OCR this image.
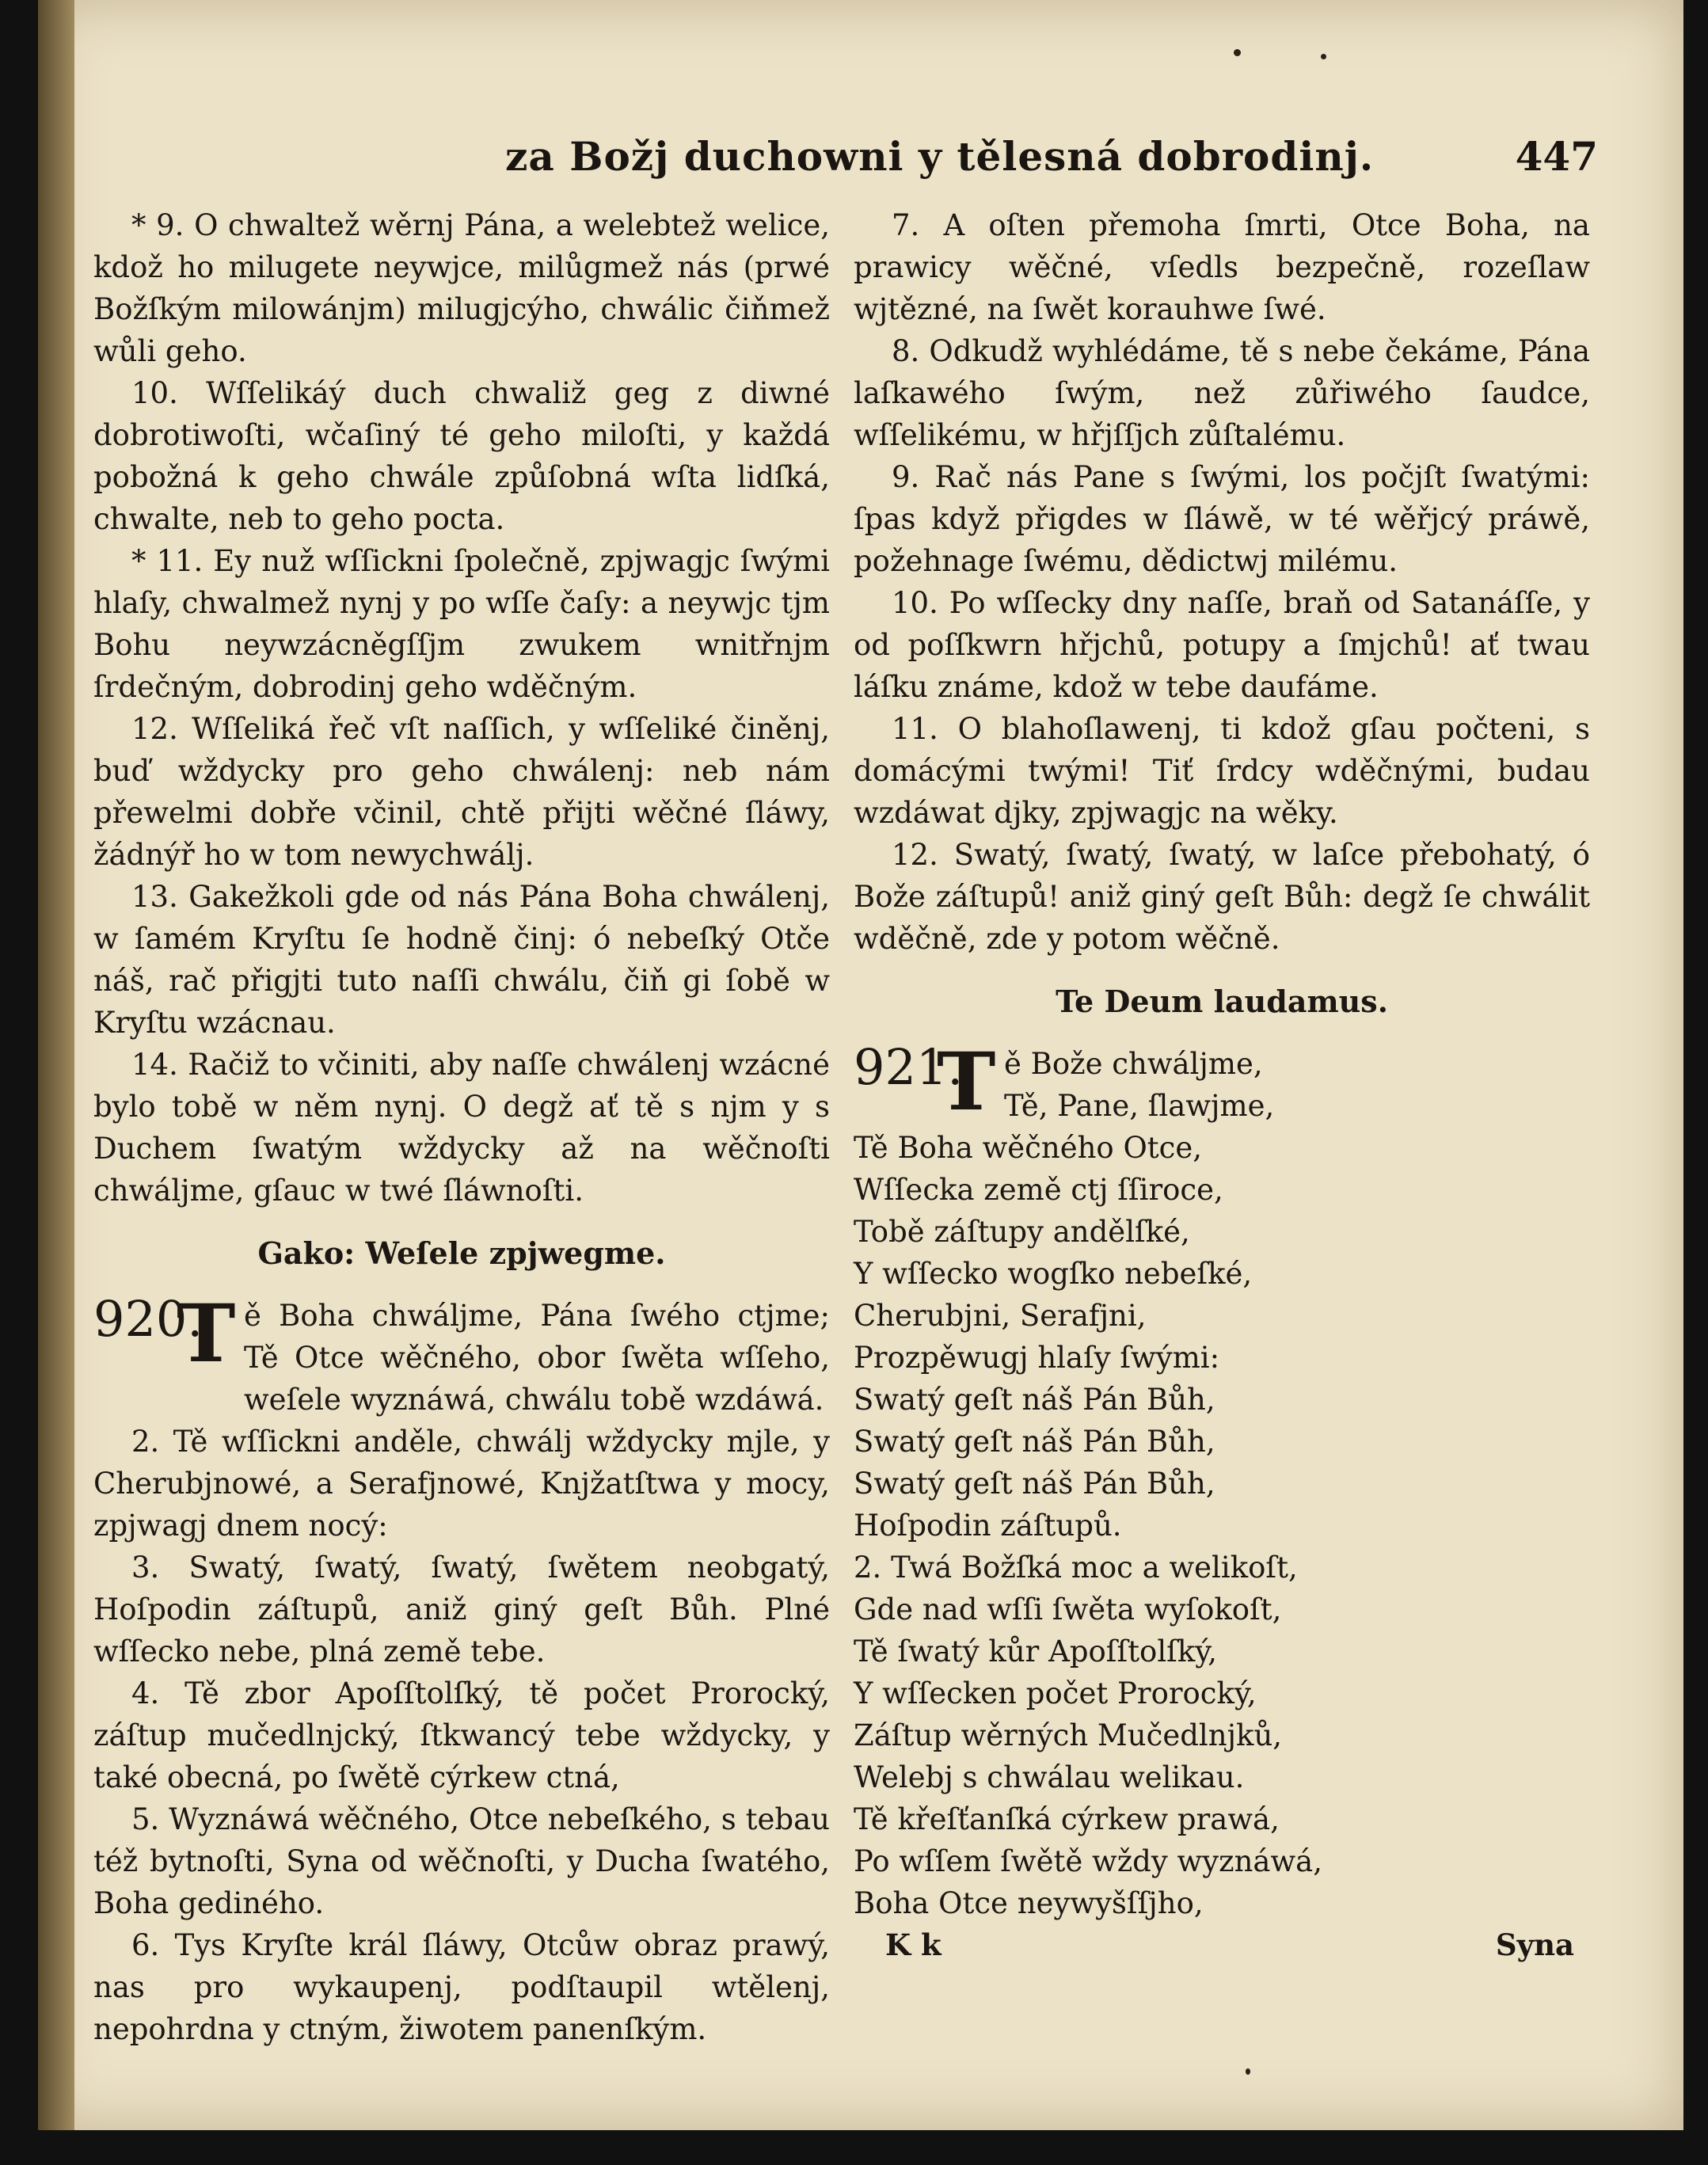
za Božj duchowni y tělesná dobrodinj.	447

* 9. O chwaltež wěrnj Pána, a welebtež welice, kdož ho milugete neywjce, milůgmež nás (prwé Božſkým milowánjm) milugjcýho, chwálic čiňmež wůli geho.

10. Wſſelikáý duch chwaliž geg z diwné dobrotiwoſti, wčaſiný té geho miloſti, y každá pobožná k geho chwále způſobná wſta lidſká, chwalte, neb to geho pocta.

* 11. Ey nuž wſſickni ſpolečně, zpjwagjc ſwými hlaſy, chwalmež nynj y po wſſe čaſy: a neywjc tjm Bohu neywzácněgſſjm zwukem wnitřnjm ſrdečným, dobrodinj geho wděčným.

12. Wſſeliká řeč vſt naſſich, y wſſeliké činěnj, buď wždycky pro geho chwálenj: neb nám přewelmi dobře včinil, chtě přijti wěčné ſláwy, žádnýř ho w tom newychwálj.

13. Gakežkoli gde od nás Pána Boha chwálenj, w ſamém Kryſtu ſe hodně činj: ó nebeſký Otče náš, rač přigjti tuto naſſi chwálu, čiň gi ſobě w Kryſtu wzácnau.

14. Račiž to včiniti, aby naſſe chwálenj wzácné bylo tobě w něm nynj. O degž ať tě s njm y s Duchem ſwatým wždycky až na wěčnoſti chwáljme, gſauc w twé ſláwnoſti.

Gako: Weſele zpjwegme.
920.
T ě Boha chwáljme, Pána ſwého ctjme; Tě Otce wěčného, obor ſwěta wſſeho, weſele wyznáwá, chwálu tobě wzdáwá.

2. Tě wſſickni anděle, chwálj wždycky mjle, y Cherubjnowé, a Serafjnowé, Knjžatſtwa y mocy, zpjwagj dnem nocý:

3. Swatý, ſwatý, ſwatý, ſwětem neobgatý, Hoſpodin záſtupů, aniž giný geſt Bůh. Plné wſſecko nebe, plná země tebe.

4. Tě zbor Apoſſtolſký, tě počet Prorocký, záſtup mučedlnjcký, ſtkwancý tebe wždycky, y také obecná, po ſwětě cýrkew ctná,

5. Wyznáwá wěčného, Otce nebeſkého, s tebau též bytnoſti, Syna od wěčnoſti, y Ducha ſwatého, Boha gediného.

6. Tys Kryſte král ſláwy, Otcůw obraz prawý, nas pro wykaupenj, podſtaupil wtělenj, nepohrdna y ctným, žiwotem panenſkým.

7. A oſten přemoha ſmrti, Otce Boha, na prawicy wěčné, vſedls bezpečně, rozeſlaw wjtězné, na ſwět korauhwe ſwé.

8. Odkudž wyhlédáme, tě s nebe čekáme, Pána laſkawého ſwým, než zůřiwého ſaudce, wſſelikému, w hřjſſjch zůſtalému.

9. Rač nás Pane s ſwými, los počjſt ſwatými: ſpas když přigdes w ſláwě, w té wěřjcý práwě, požehnage ſwému, dědictwj milému.

10. Po wſſecky dny naſſe, braň od Satanáſſe, y od poſſkwrn hřjchů, potupy a ſmjchů! ať twau láſku známe, kdož w tebe daufáme.

11. O blahoſlawenj, ti kdož gſau počteni, s domácými twými! Tiť ſrdcy wděčnými, budau wzdáwat djky, zpjwagjc na wěky.

12. Swatý, ſwatý, ſwatý, w laſce přebohatý, ó Bože záſtupů! aniž giný geſt Bůh: degž ſe chwálit wděčně, zde y potom wěčně.

Te Deum laudamus.
921.
T ě Bože chwáljme,
Tě, Pane, ſlawjme,
Tě Boha wěčného Otce,
Wſſecka země ctj ſſiroce,
Tobě záſtupy andělſké,
Y wſſecko wogſko nebeſké,
Cherubjni, Serafjni,
Prozpěwugj hlaſy ſwými:
Swatý geſt náš Pán Bůh,
Swatý geſt náš Pán Bůh,
Swatý geſt náš Pán Bůh,
Hoſpodin záſtupů.
2. Twá Božſká moc a welikoſt,
Gde nad wſſi ſwěta wyſokoſt,
Tě ſwatý kůr Apoſſtolſký,
Y wſſecken počet Prorocký,
Záſtup wěrných Mučedlnjků,
Welebj s chwálau welikau.
Tě křeſťanſká cýrkew prawá,
Po wſſem ſwětě wždy wyznáwá,
Boha Otce neywyšſſjho,
K k	Syna
